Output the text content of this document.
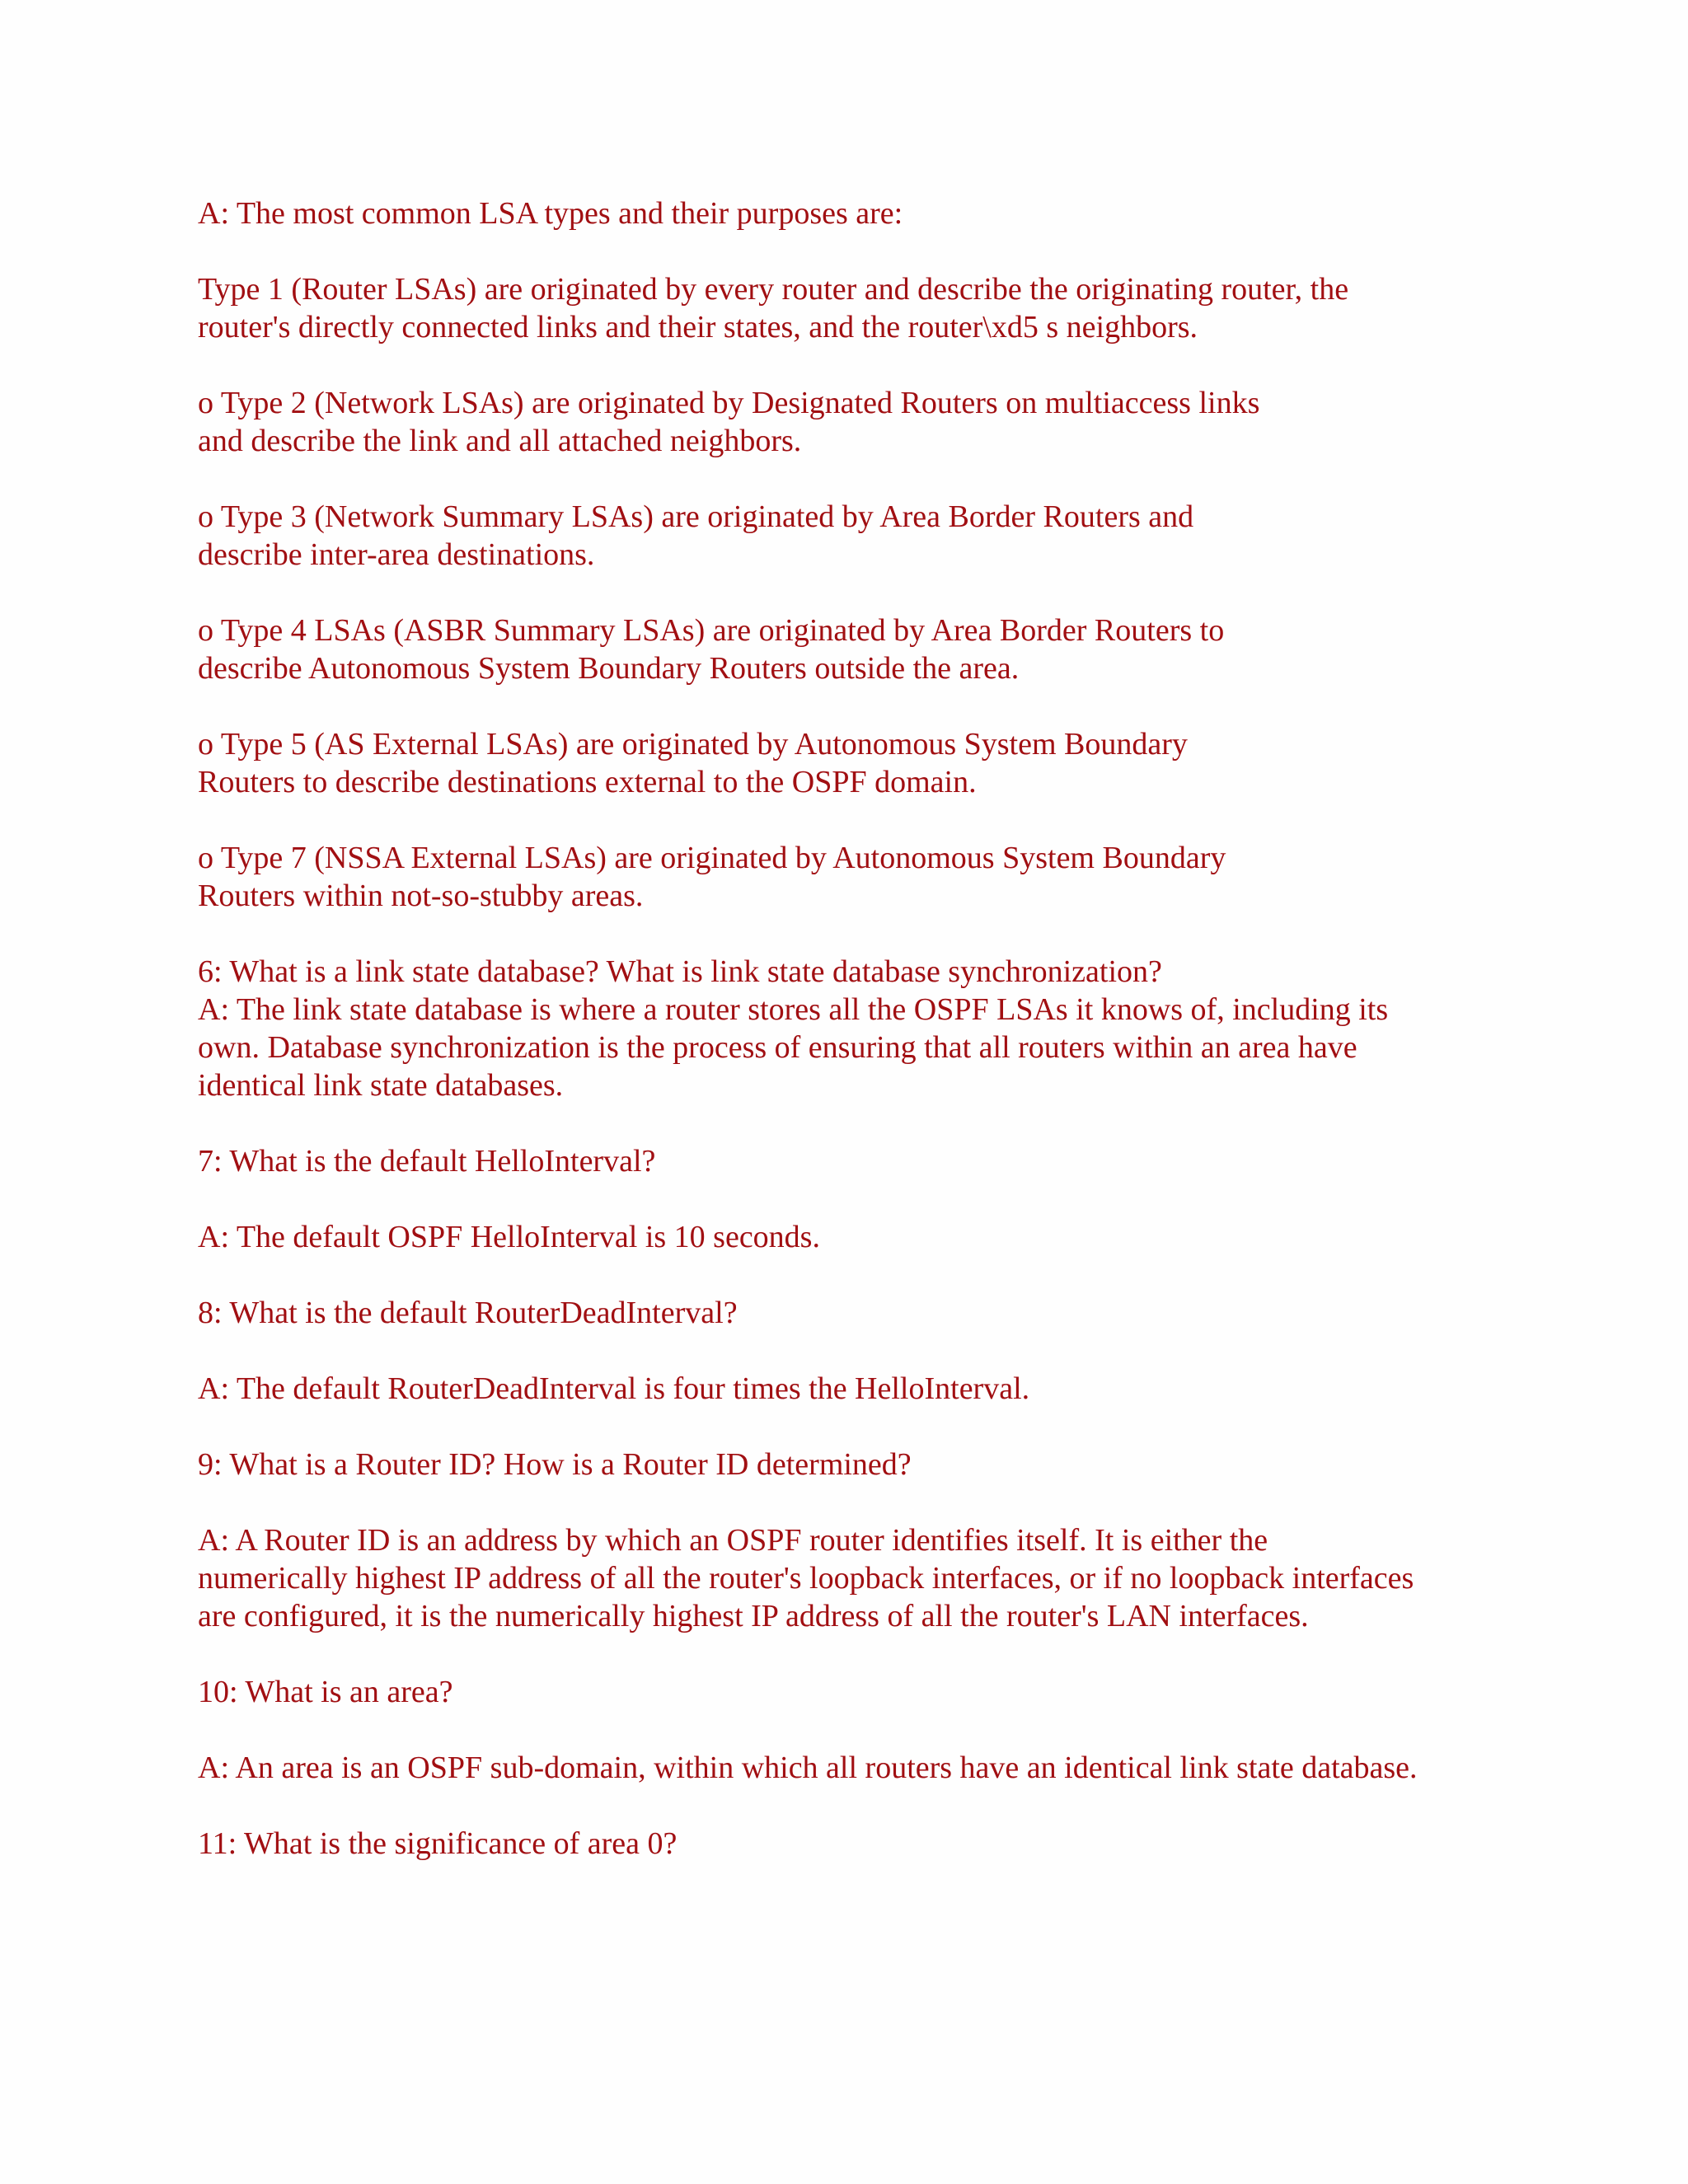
A: The most common LSA types and their purposes are:

Type 1 (Router LSAs) are originated by every router and describe the originating router, the
router's directly connected links and their states, and the router\xd5 s neighbors.

o Type 2 (Network LSAs) are originated by Designated Routers on multiaccess links
and describe the link and all attached neighbors.

o Type 3 (Network Summary LSAs) are originated by Area Border Routers and
describe inter-area destinations.

o Type 4 LSAs (ASBR Summary LSAs) are originated by Area Border Routers to
describe Autonomous System Boundary Routers outside the area.

o Type 5 (AS External LSAs) are originated by Autonomous System Boundary
Routers to describe destinations external to the OSPF domain.

o Type 7 (NSSA External LSAs) are originated by Autonomous System Boundary
Routers within not-so-stubby areas.

6: What is a link state database? What is link state database synchronization?
A: The link state database is where a router stores all the OSPF LSAs it knows of, including its
own. Database synchronization is the process of ensuring that all routers within an area have
identical link state databases.

7: What is the default HelloInterval?

A: The default OSPF HelloInterval is 10 seconds.

8: What is the default RouterDeadInterval?

A: The default RouterDeadInterval is four times the HelloInterval.

9: What is a Router ID? How is a Router ID determined?

A: A Router ID is an address by which an OSPF router identifies itself. It is either the
numerically highest IP address of all the router's loopback interfaces, or if no loopback interfaces
are configured, it is the numerically highest IP address of all the router's LAN interfaces.

10: What is an area?

A: An area is an OSPF sub-domain, within which all routers have an identical link state database.

11: What is the significance of area 0?
